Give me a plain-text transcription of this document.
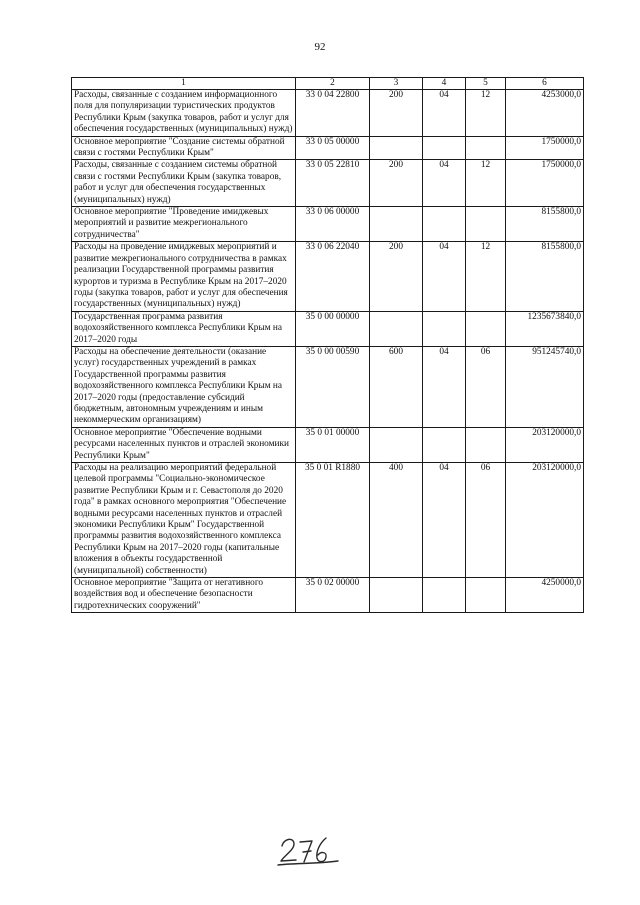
92
1	2	3	4	5	6
Расходы, связанные с созданием информационного поля для популяризации туристических продуктов Республики Крым (закупка товаров, работ и услуг для обеспечения государственных (муниципальных) нужд)	33 0 04 22800	200	04	12	4253000,0
Основное мероприятие "Создание системы обратной связи с гостями Республики Крым"	33 0 05 00000				1750000,0
Расходы, связанные с созданием системы обратной связи с гостями Республики Крым (закупка товаров, работ и услуг для обеспечения государственных (муниципальных) нужд)	33 0 05 22810	200	04	12	1750000,0
Основное мероприятие "Проведение имиджевых мероприятий и развитие межрегионального сотрудничества"	33 0 06 00000				8155800,0
Расходы на проведение имиджевых мероприятий и развитие межрегионального сотрудничества в рамках реализации Государственной программы развития курортов и туризма в Республике Крым на 2017–2020 годы (закупка товаров, работ и услуг для обеспечения государственных (муниципальных) нужд)	33 0 06 22040	200	04	12	8155800,0
Государственная программа развития водохозяйственного комплекса Республики Крым на 2017–2020 годы	35 0 00 00000				1235673840,0
Расходы на обеспечение деятельности (оказание услуг) государственных учреждений в рамках Государственной программы развития водохозяйственного комплекса Республики Крым на 2017–2020 годы (предоставление субсидий бюджетным, автономным учреждениям и иным некоммерческим организациям)	35 0 00 00590	600	04	06	951245740,0
Основное мероприятие "Обеспечение водными ресурсами населенных пунктов и отраслей экономики Республики Крым"	35 0 01 00000				203120000,0
Расходы на реализацию мероприятий федеральной целевой программы "Социально-экономическое развитие Республики Крым и г. Севастополя до 2020 года" в рамках основного мероприятия "Обеспечение водными ресурсами населенных пунктов и отраслей экономики Республики Крым" Государственной программы развития водохозяйственного комплекса Республики Крым на 2017–2020 годы (капитальные вложения в объекты государственной (муниципальной) собственности)	35 0 01 R1880	400	04	06	203120000,0
Основное мероприятие "Защита от негативного воздействия вод и обеспечение безопасности гидротехнических сооружений"	35 0 02 00000				4250000,0
